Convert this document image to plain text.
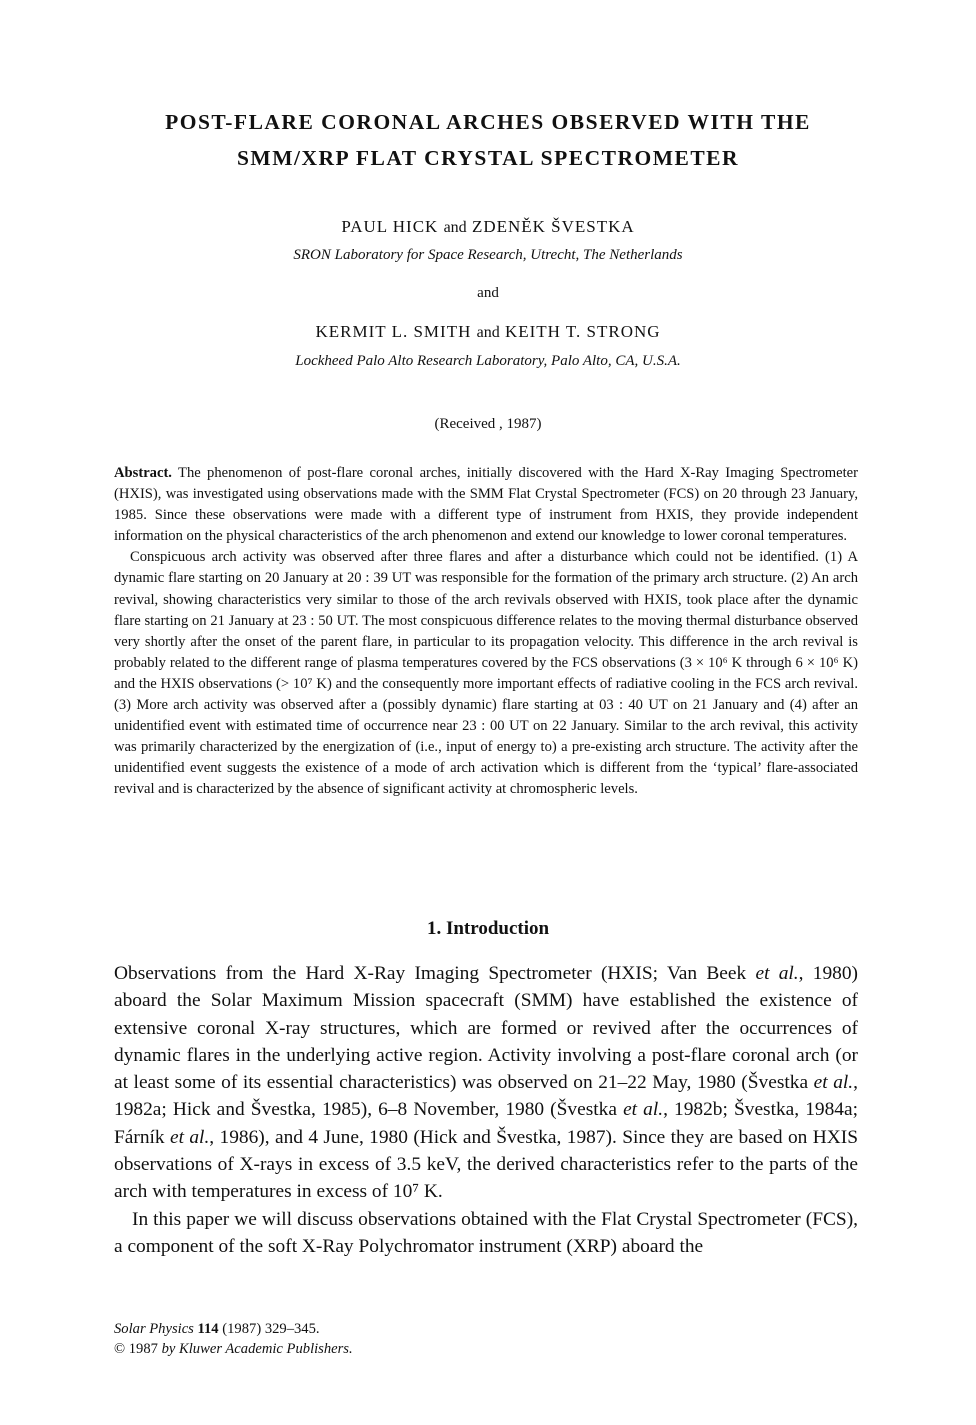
POST-FLARE CORONAL ARCHES OBSERVED WITH THE
SMM/XRP FLAT CRYSTAL SPECTROMETER
PAUL HICK and ZDENĚK ŠVESTKA
SRON Laboratory for Space Research, Utrecht, The Netherlands
and
KERMIT L. SMITH and KEITH T. STRONG
Lockheed Palo Alto Research Laboratory, Palo Alto, CA, U.S.A.
(Received , 1987)

Abstract. The phenomenon of post-flare coronal arches, initially discovered with the Hard X-Ray Imaging Spectrometer (HXIS), was investigated using observations made with the SMM Flat Crystal Spectrometer (FCS) on 20 through 23 January, 1985. Since these observations were made with a different type of instrument from HXIS, they provide independent information on the physical characteristics of the arch phenomenon and extend our knowledge to lower coronal temperatures.

Conspicuous arch activity was observed after three flares and after a disturbance which could not be identified. (1) A dynamic flare starting on 20 January at 20 : 39 UT was responsible for the formation of the primary arch structure. (2) An arch revival, showing characteristics very similar to those of the arch revivals observed with HXIS, took place after the dynamic flare starting on 21 January at 23 : 50 UT. The most conspicuous difference relates to the moving thermal disturbance observed very shortly after the onset of the parent flare, in particular to its propagation velocity. This difference in the arch revival is probably related to the different range of plasma temperatures covered by the FCS observations (3 × 10⁶ K through 6 × 10⁶ K) and the HXIS observations (> 10⁷ K) and the consequently more important effects of radiative cooling in the FCS arch revival. (3) More arch activity was observed after a (possibly dynamic) flare starting at 03 : 40 UT on 21 January and (4) after an unidentified event with estimated time of occurrence near 23 : 00 UT on 22 January. Similar to the arch revival, this activity was primarily characterized by the energization of (i.e., input of energy to) a pre-existing arch structure. The activity after the unidentified event suggests the existence of a mode of arch activation which is different from the ‘typical’ flare-associated revival and is characterized by the absence of significant activity at chromospheric levels.

1. Introduction

Observations from the Hard X-Ray Imaging Spectrometer (HXIS; Van Beek et al., 1980) aboard the Solar Maximum Mission spacecraft (SMM) have established the existence of extensive coronal X-ray structures, which are formed or revived after the occurrences of dynamic flares in the underlying active region. Activity involving a post-flare coronal arch (or at least some of its essential characteristics) was observed on 21–22 May, 1980 (Švestka et al., 1982a; Hick and Švestka, 1985), 6–8 November, 1980 (Švestka et al., 1982b; Švestka, 1984a; Fárník et al., 1986), and 4 June, 1980 (Hick and Švestka, 1987). Since they are based on HXIS observations of X-rays in excess of 3.5 keV, the derived characteristics refer to the parts of the arch with temperatures in excess of 10⁷ K.

In this paper we will discuss observations obtained with the Flat Crystal Spectrometer (FCS), a component of the soft X-Ray Polychromator instrument (XRP) aboard the

Solar Physics 114 (1987) 329–345.
© 1987 by Kluwer Academic Publishers.
